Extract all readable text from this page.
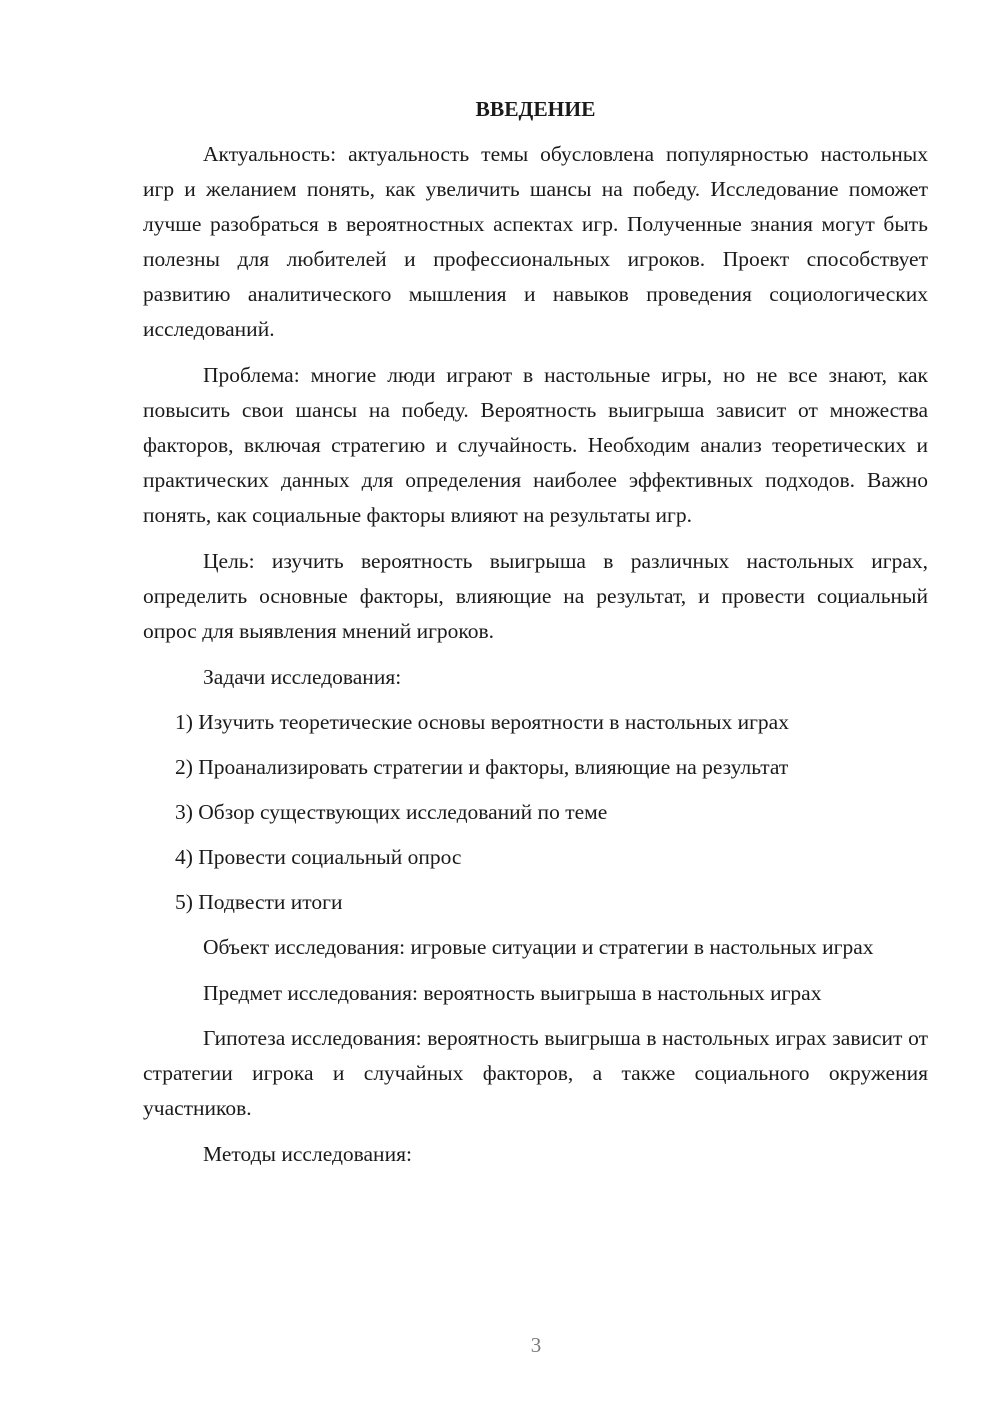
ВВЕДЕНИЕ
Актуальность: актуальность темы обусловлена популярностью настольных игр и желанием понять, как увеличить шансы на победу. Исследование поможет лучше разобраться в вероятностных аспектах игр. Полученные знания могут быть полезны для любителей и профессиональных игроков. Проект способствует развитию аналитического мышления и навыков проведения социологических исследований.
Проблема: многие люди играют в настольные игры, но не все знают, как повысить свои шансы на победу. Вероятность выигрыша зависит от множества факторов, включая стратегию и случайность. Необходим анализ теоретических и практических данных для определения наиболее эффективных подходов. Важно понять, как социальные факторы влияют на результаты игр.
Цель: изучить вероятность выигрыша в различных настольных играх, определить основные факторы, влияющие на результат, и провести социальный опрос для выявления мнений игроков.
Задачи исследования:
1) Изучить теоретические основы вероятности в настольных играх
2) Проанализировать стратегии и факторы, влияющие на результат
3) Обзор существующих исследований по теме
4) Провести социальный опрос
5) Подвести итоги
Объект исследования: игровые ситуации и стратегии в настольных играх
Предмет исследования: вероятность выигрыша в настольных играх
Гипотеза исследования: вероятность выигрыша в настольных играх зависит от стратегии игрока и случайных факторов, а также социального окружения участников.
Методы исследования:
3
